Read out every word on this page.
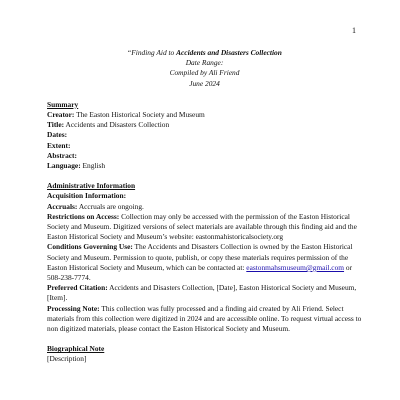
1
“Finding Aid to Accidents and Disasters Collection
Date Range:
Compiled by Ali Friend
June 2024
Summary
Creator: The Easton Historical Society and Museum
Title: Accidents and Disasters Collection
Dates:
Extent:
Abstract:
Language: English
Administrative Information
Acquisition Information:
Accruals: Accruals are ongoing.
Restrictions on Access: Collection may only be accessed with the permission of the Easton Historical Society and Museum. Digitized versions of select materials are available through this finding aid and the Easton Historical Society and Museum’s website: eastonmahistoricalsociety.org
Conditions Governing Use: The Accidents and Disasters Collection is owned by the Easton Historical Society and Museum. Permission to quote, publish, or copy these materials requires permission of the Easton Historical Society and Museum, which can be contacted at: eastonmahsmuseum@gmail.com or 508-238-7774.
Preferred Citation: Accidents and Disasters Collection, [Date], Easton Historical Society and Museum, [Item].
Processing Note: This collection was fully processed and a finding aid created by Ali Friend. Select materials from this collection were digitized in 2024 and are accessible online. To request virtual access to non digitized materials, please contact the Easton Historical Society and Museum.
Biographical Note
[Description]
